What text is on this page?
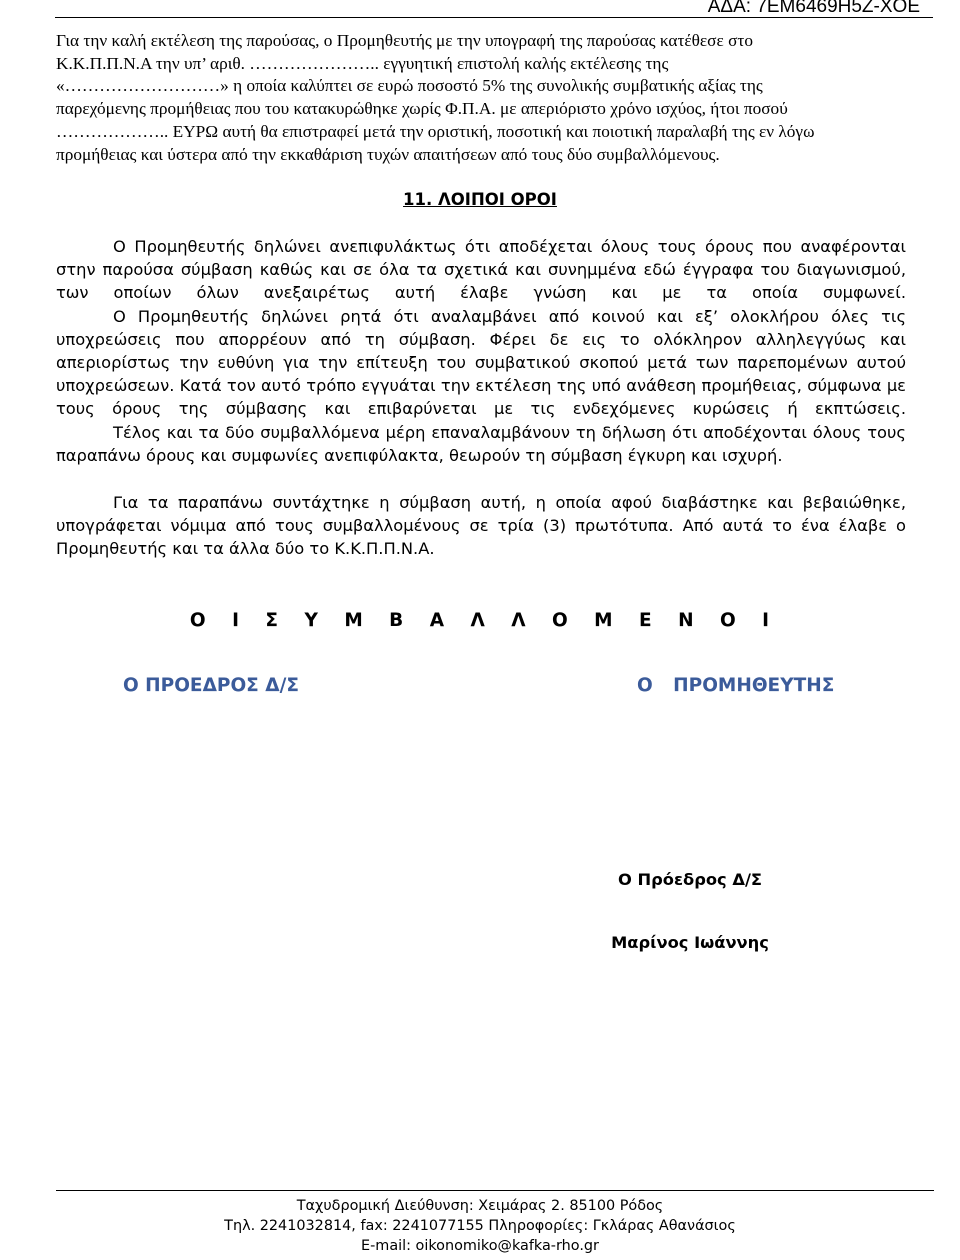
ΑΔΑ: 7ΕΜ6469Η5Ζ-ΧΟΕ

Για την καλή εκτέλεση της παρούσας, ο Προμηθευτής με την υπογραφή της παρούσας κατέθεσε στο

Κ.Κ.Π.Π.Ν.Α την υπ’ αριθ. ………………….. εγγυητική επιστολή καλής εκτέλεσης της

«………………………» η οποία καλύπτει σε ευρώ ποσοστό 5% της συνολικής συμβατικής αξίας της

παρεχόμενης προμήθειας που του κατακυρώθηκε χωρίς Φ.Π.Α. με απεριόριστο χρόνο ισχύος, ήτοι ποσού

……………….. ΕΥΡΩ αυτή θα επιστραφεί μετά την οριστική, ποσοτική και ποιοτική παραλαβή της εν λόγω

προμήθειας και ύστερα από την εκκαθάριση τυχών απαιτήσεων από τους δύο συμβαλλόμενους.

11. ΛΟΙΠΟΙ ΟΡΟΙ

Ο Προμηθευτής δηλώνει ανεπιφυλάκτως ότι αποδέχεται όλους τους όρους που αναφέρονται στην παρούσα σύμβαση καθώς και σε όλα τα σχετικά και συνημμένα εδώ έγγραφα του διαγωνισμού, των οποίων όλων ανεξαιρέτως αυτή έλαβε γνώση και με τα οποία συμφωνεί.

Ο Προμηθευτής δηλώνει ρητά ότι αναλαμβάνει από κοινού και εξ’ ολοκλήρου όλες τις υποχρεώσεις που απορρέουν από τη σύμβαση. Φέρει δε εις το ολόκληρον αλληλεγγύως και απεριορίστως την ευθύνη για την επίτευξη του συμβατικού σκοπού μετά των παρεπομένων αυτού υποχρεώσεων. Κατά τον αυτό τρόπο εγγυάται την εκτέλεση της υπό ανάθεση προμήθειας, σύμφωνα με τους όρους της σύμβασης και επιβαρύνεται με τις ενδεχόμενες κυρώσεις ή εκπτώσεις.

Τέλος και τα δύο συμβαλλόμενα μέρη επαναλαμβάνουν τη δήλωση ότι αποδέχονται όλους τους παραπάνω όρους και συμφωνίες ανεπιφύλακτα, θεωρούν τη σύμβαση έγκυρη και ισχυρή.

Για τα παραπάνω συντάχτηκε η σύμβαση αυτή, η οποία αφού διαβάστηκε και βεβαιώθηκε, υπογράφεται νόμιμα από τους συμβαλλομένους σε τρία (3) πρωτότυπα. Από αυτά το ένα έλαβε ο Προμηθευτής και τα άλλα δύο το Κ.Κ.Π.Π.Ν.Α.

Ο Ι Σ Υ Μ Β Α Λ Λ Ο Μ Ε Ν Ο Ι
Ο ΠΡΟΕΔΡΟΣ Δ/Σ	Ο ΠΡΟΜΗΘΕΥΤΗΣ
Ο Πρόεδρος Δ/Σ
Μαρίνος Ιωάννης

Ταχυδρομική Διεύθυνση: Χειμάρας 2. 85100 Ρόδος

Τηλ. 2241032814, fax: 2241077155 Πληροφορίες: Γκλάρας Αθανάσιος

E-mail: oikonomiko@kafka-rho.gr
